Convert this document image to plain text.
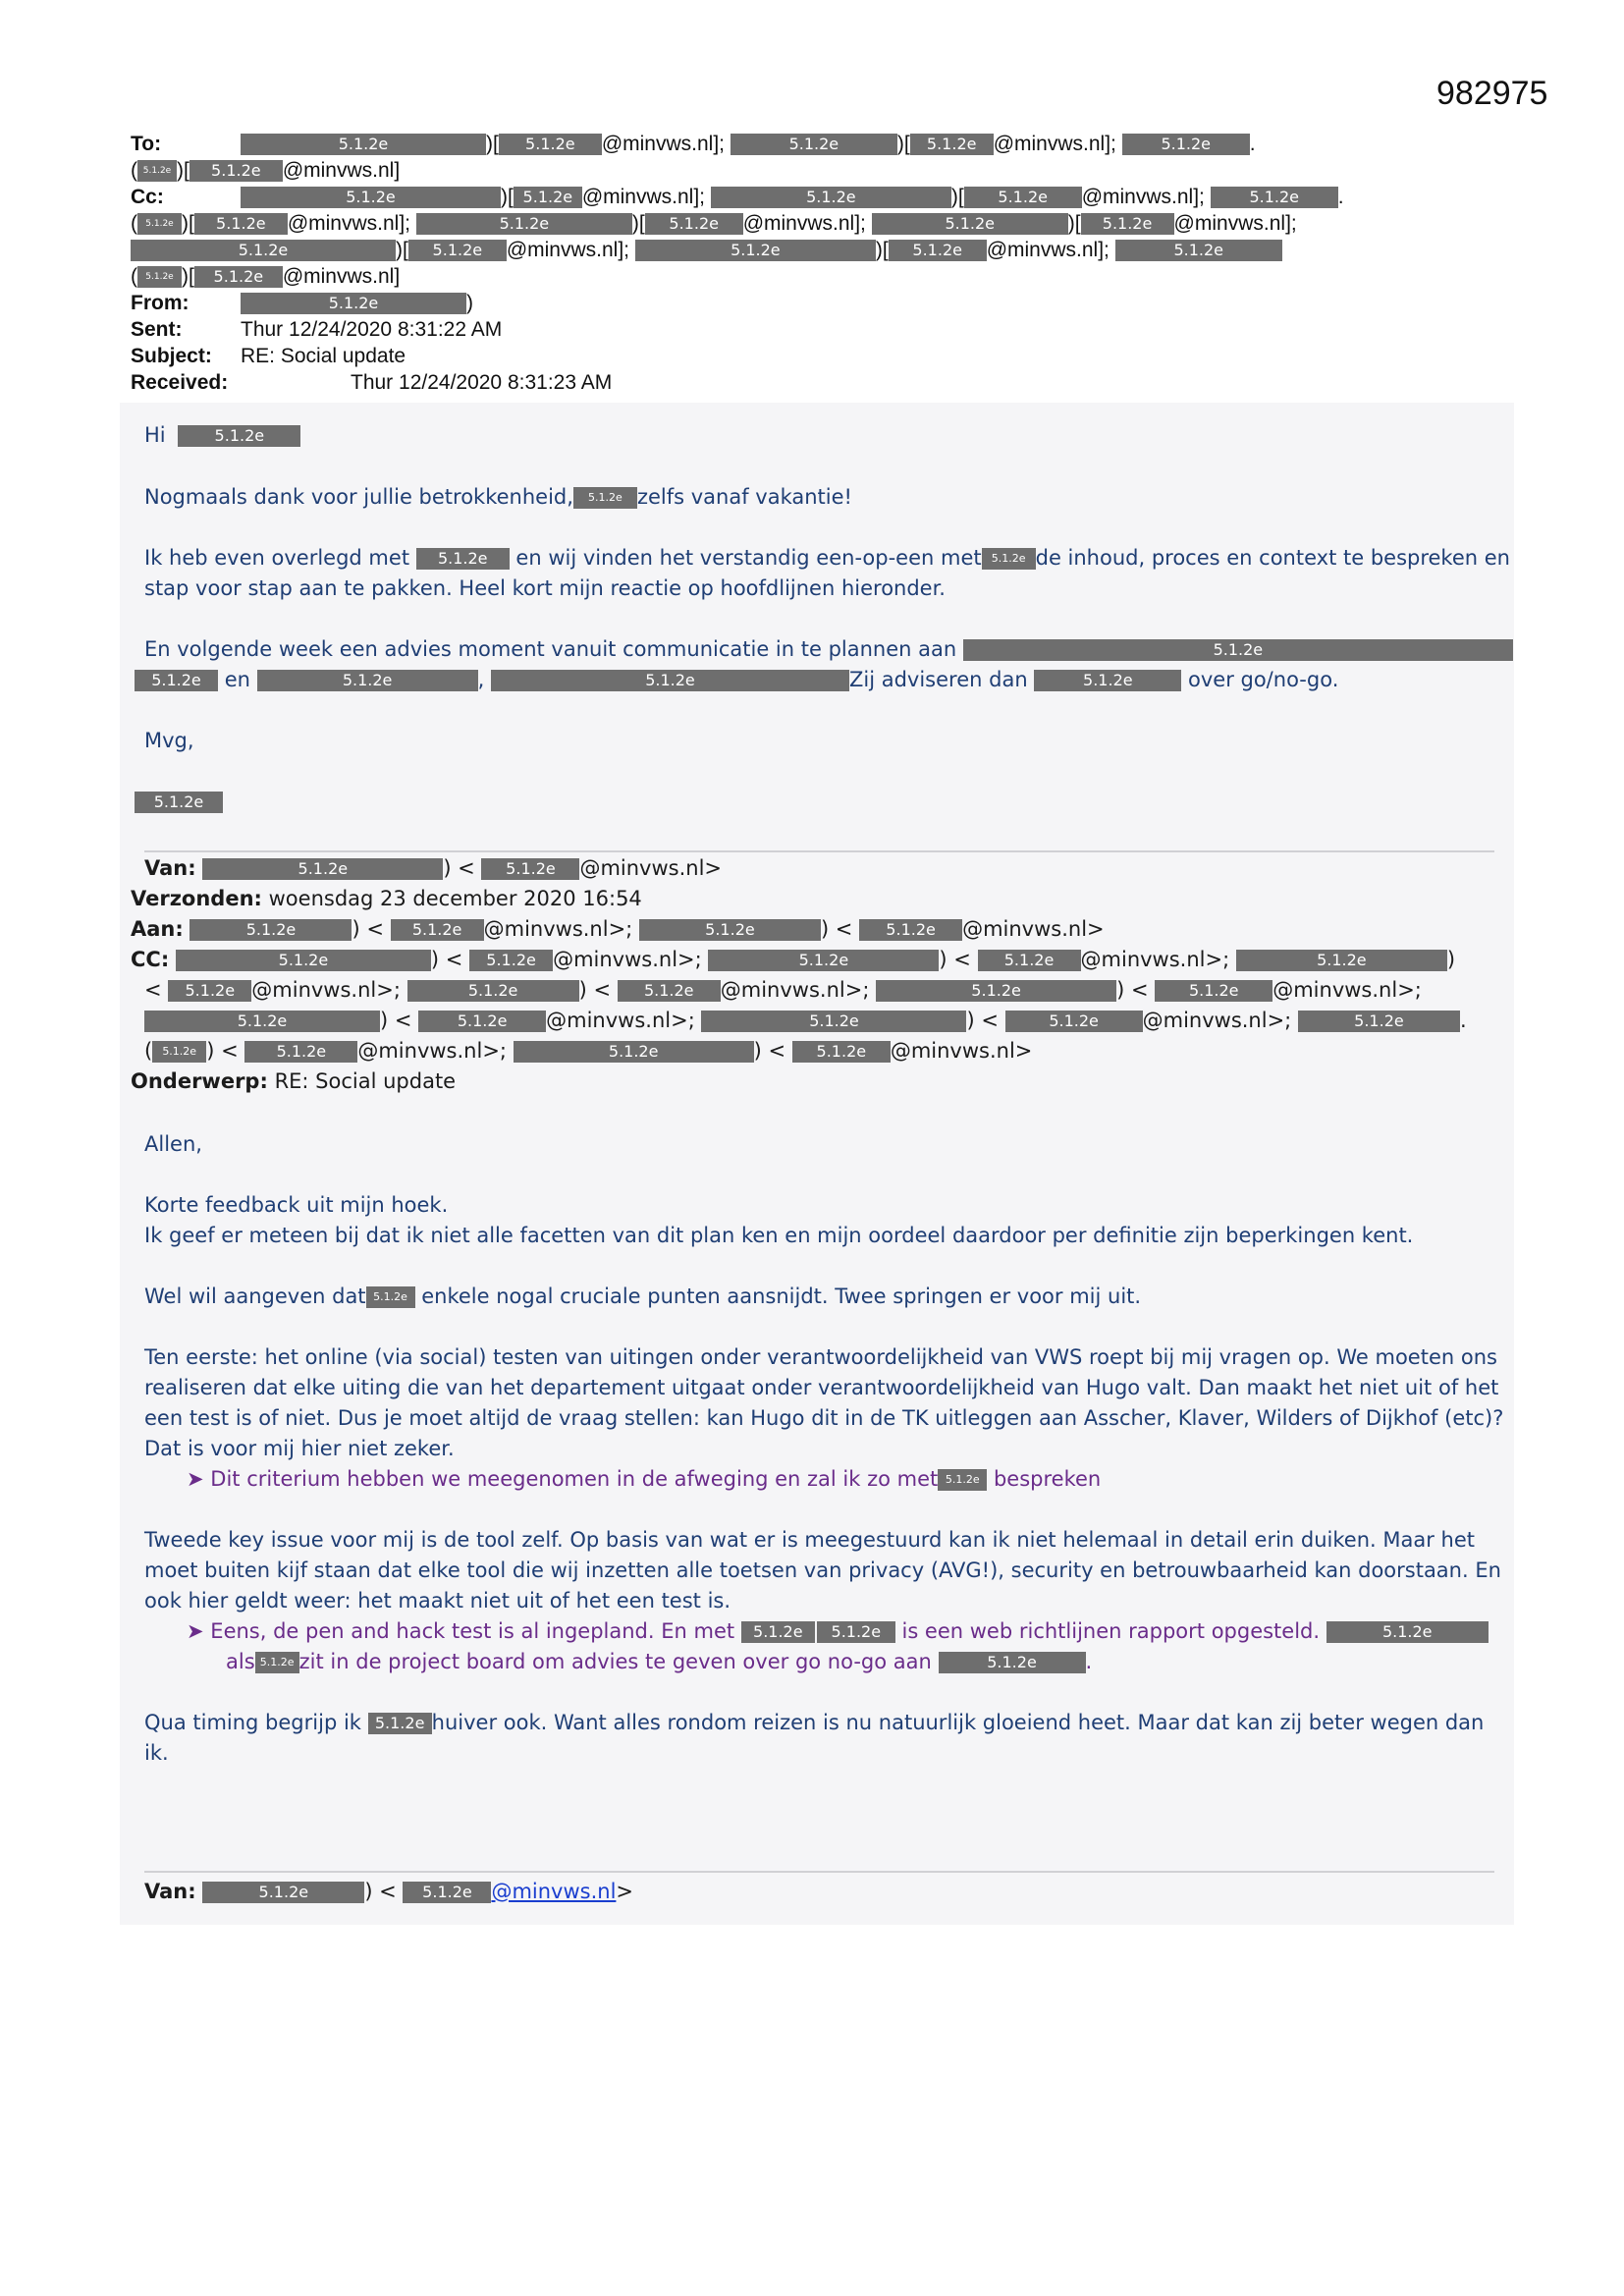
982975
To:	5.1.2e	)[ 5.1.2e @minvws.nl];	5.1.2e	)[ 5.1.2e @minvws.nl]; 5.1.2e .
( 5.1.2e )[ 5.1.2e @minvws.nl]
Cc:	5.1.2e	)[ 5.1.2e @minvws.nl];	5.1.2e	)[ 5.1.2e @minvws.nl]; 5.1.2e .
( 5.1.2e )[ 5.1.2e @minvws.nl];	5.1.2e	)[ 5.1.2e @minvws.nl];	5.1.2e	)[ 5.1.2e @minvws.nl];
5.1.2e	)[ 5.1.2e @minvws.nl];	5.1.2e	)[ 5.1.2e @minvws.nl];	5.1.2e
( 5.1.2e )[ 5.1.2e @minvws.nl]
From:	5.1.2e	)
Sent:	Thur 12/24/2020 8:31:22 AM
Subject: RE: Social update
Received:	Thur 12/24/2020 8:31:23 AM
Hi	5.1.2e
Nogmaals dank voor jullie betrokkenheid, 5.1.2e zelfs vanaf vakantie!
Ik heb even overlegd met 5.1.2e en wij vinden het verstandig een-op-een met 5.1.2e de inhoud, proces en context te bespreken en
stap voor stap aan te pakken. Heel kort mijn reactie op hoofdlijnen hieronder.
En volgende week een advies moment vanuit communicatie in te plannen aan	5.1.2e
5.1.2e en	5.1.2e	,	5.1.2e	Zij adviseren dan	5.1.2e	over go/no-go.
Mvg,
5.1.2e
Van:	5.1.2e	) < 5.1.2e @minvws.nl>
Verzonden: woensdag 23 december 2020 16:54
Aan:	5.1.2e	) < 5.1.2e @minvws.nl>;	5.1.2e	) < 5.1.2e @minvws.nl>
CC:	5.1.2e	) < 5.1.2e @minvws.nl>;	5.1.2e	) < 5.1.2e @minvws.nl>;	5.1.2e	)
< 5.1.2e @minvws.nl>;	5.1.2e	) < 5.1.2e @minvws.nl>;	5.1.2e	) < 5.1.2e @minvws.nl>;
5.1.2e	) < 5.1.2e @minvws.nl>;	5.1.2e	) <	5.1.2e @minvws.nl>;	5.1.2e	.
( 5.1.2e ) < 5.1.2e @minvws.nl>;	5.1.2e	) < 5.1.2e @minvws.nl>
Onderwerp: RE: Social update
Allen,
Korte feedback uit mijn hoek.
Ik geef er meteen bij dat ik niet alle facetten van dit plan ken en mijn oordeel daardoor per definitie zijn beperkingen kent.
Wel wil aangeven dat 5.1.2e enkele nogal cruciale punten aansnijdt. Twee springen er voor mij uit.
Ten eerste: het online (via social) testen van uitingen onder verantwoordelijkheid van VWS roept bij mij vragen op. We moeten ons
realiseren dat elke uiting die van het departement uitgaat onder verantwoordelijkheid van Hugo valt. Dan maakt het niet uit of het
een test is of niet. Dus je moet altijd de vraag stellen: kan Hugo dit in de TK uitleggen aan Asscher, Klaver, Wilders of Dijkhof (etc)?
Dat is voor mij hier niet zeker.
➤ Dit criterium hebben we meegenomen in de afweging en zal ik zo met 5.1.2e bespreken
Tweede key issue voor mij is de tool zelf. Op basis van wat er is meegestuurd kan ik niet helemaal in detail erin duiken. Maar het
moet buiten kijf staan dat elke tool die wij inzetten alle toetsen van privacy (AVG!), security en betrouwbaarheid kan doorstaan. En
ook hier geldt weer: het maakt niet uit of het een test is.
➤ Eens, de pen and hack test is al ingepland. En met 5.1.2e 5.1.2e is een web richtlijnen rapport opgesteld.	5.1.2e
als 5.1.2e zit in de project board om advies te geven over go no-go aan	5.1.2e .
Qua timing begrijp ik 5.1.2e huiver ook. Want alles rondom reizen is nu natuurlijk gloeiend heet. Maar dat kan zij beter wegen dan
ik.
Van:	5.1.2e	) < 5.1.2e @minvws.nl>
